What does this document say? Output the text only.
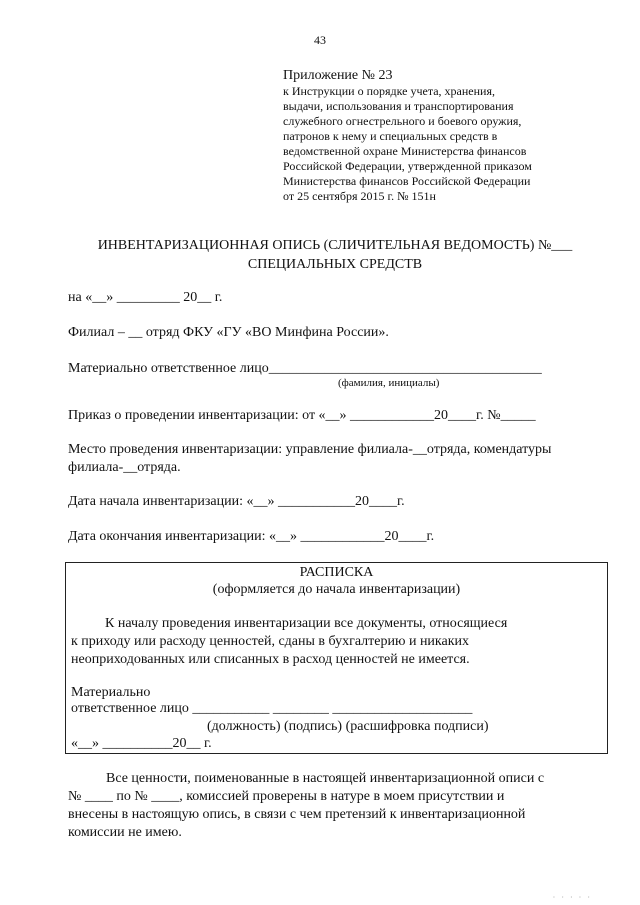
43
Приложение № 23
к Инструкции о порядке учета, хранения,
выдачи, использования и транспортирования
служебного огнестрельного и боевого оружия,
патронов к нему и специальных средств в
ведомственной охране Министерства финансов
Российской Федерации, утвержденной приказом
Министерства финансов Российской Федерации
от 25 сентября 2015 г. № 151н
ИНВЕНТАРИЗАЦИОННАЯ ОПИСЬ (СЛИЧИТЕЛЬНАЯ ВЕДОМОСТЬ) №___
СПЕЦИАЛЬНЫХ СРЕДСТВ
на «__» _________ 20__ г.
Филиал – __ отряд ФКУ «ГУ «ВО Минфина России».
Материально ответственное лицо_______________________________________
(фамилия, инициалы)
Приказ о проведении инвентаризации: от «__» ____________20____г. №_____
Место проведения инвентаризации: управление филиала-__отряда, комендатуры
филиала-__отряда.
Дата начала инвентаризации: «__» ___________20____г.
Дата окончания инвентаризации: «__» ____________20____г.
РАСПИСКА
(оформляется до начала инвентаризации)
К началу проведения инвентаризации все документы, относящиеся
к приходу или расходу ценностей, сданы в бухгалтерию и никаких
неоприходованных или списанных в расход ценностей не имеется.
Материально
ответственное лицо ___________ ________ ____________________
(должность) (подпись) (расшифровка подписи)
«__» __________20__ г.
Все ценности, поименованные в настоящей инвентаризационной описи с
№ ____ по № ____, комиссией проверены в натуре в моем присутствии и
внесены в настоящую опись, в связи с чем претензий к инвентаризационной
комиссии не имею.
· · · · ·
